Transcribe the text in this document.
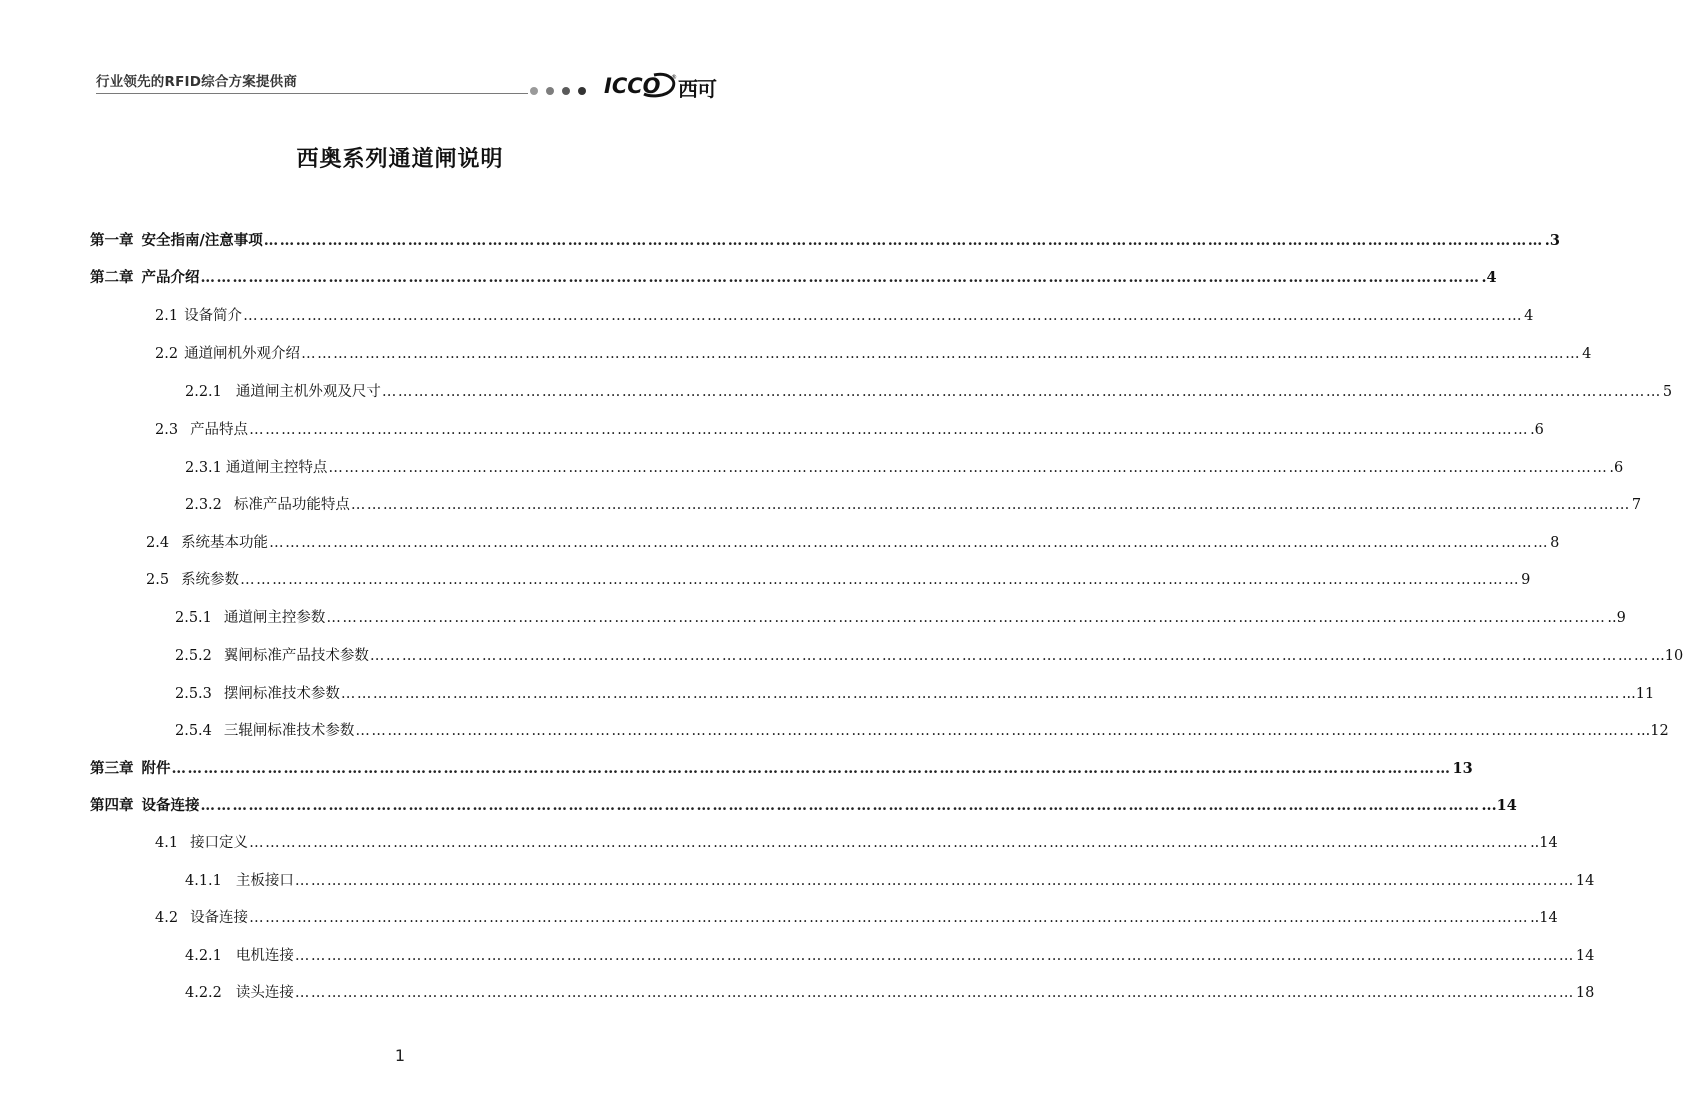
行业领先的RFID综合方案提供商	ICCO ® 西可
西奥系列通道闸说明
第一章 安全指南/注意事项 …………………………………………………………………………………………………………………………………………………………………………………………………………………… .3
第二章 产品介绍 …………………………………………………………………………………………………………………………………………………………………………………………………………………… .4
2.1 设备简介 …………………………………………………………………………………………………………………………………………………………………………………………………………………… 4
2.2 通道闸机外观介绍 …………………………………………………………………………………………………………………………………………………………………………………………………………………… 4
2.2.1 通道闸主机外观及尺寸 …………………………………………………………………………………………………………………………………………………………………………………………………………………… 5
2.3 产品特点 …………………………………………………………………………………………………………………………………………………………………………………………………………………… .6
2.3.1 通道闸主控特点 …………………………………………………………………………………………………………………………………………………………………………………………………………………… .6
2.3.2 标准产品功能特点 …………………………………………………………………………………………………………………………………………………………………………………………………………………… 7
2.4 系统基本功能 …………………………………………………………………………………………………………………………………………………………………………………………………………………… 8
2.5 系统参数 …………………………………………………………………………………………………………………………………………………………………………………………………………………… 9
2.5.1 通道闸主控参数 …………………………………………………………………………………………………………………………………………………………………………………………………………………… ..9
2.5.2 翼闸标准产品技术参数 …………………………………………………………………………………………………………………………………………………………………………………………………………………… ...10
2.5.3 摆闸标准技术参数 …………………………………………………………………………………………………………………………………………………………………………………………………………………… ...11
2.5.4 三辊闸标准技术参数 …………………………………………………………………………………………………………………………………………………………………………………………………………………… ...12
第三章 附件 …………………………………………………………………………………………………………………………………………………………………………………………………………………… 13
第四章 设备连接 …………………………………………………………………………………………………………………………………………………………………………………………………………………… ...14
4.1 接口定义 …………………………………………………………………………………………………………………………………………………………………………………………………………………… ..14
4.1.1 主板接口 …………………………………………………………………………………………………………………………………………………………………………………………………………………… 14
4.2 设备连接 …………………………………………………………………………………………………………………………………………………………………………………………………………………… ..14
4.2.1 电机连接 …………………………………………………………………………………………………………………………………………………………………………………………………………………… 14
4.2.2 读头连接 …………………………………………………………………………………………………………………………………………………………………………………………………………………… 18
1
